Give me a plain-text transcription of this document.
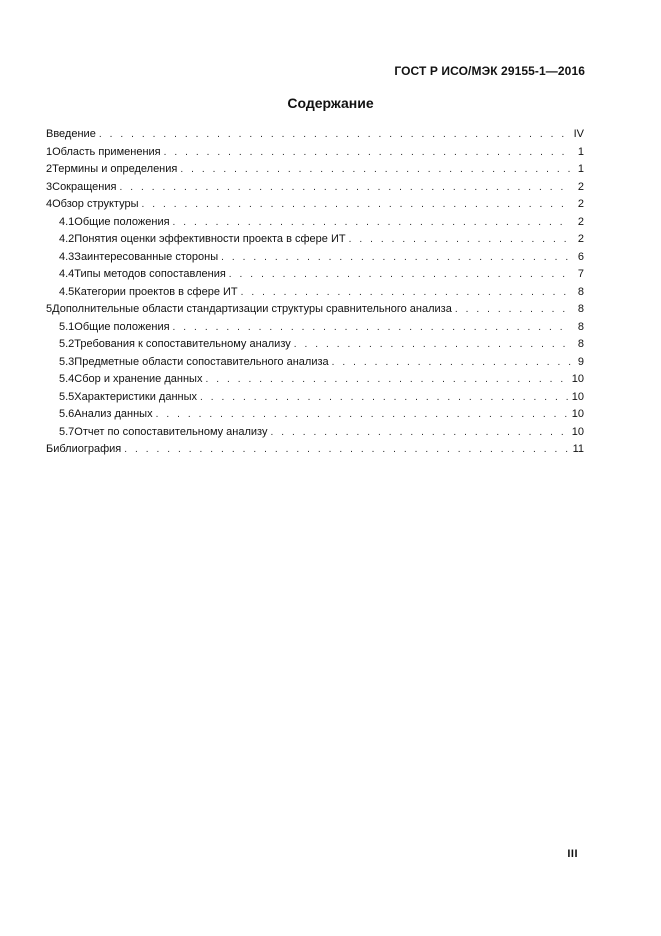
ГОСТ Р ИСО/МЭК 29155-1—2016
Содержание
Введение . . .	IV
1 Область применения . . .	1
2 Термины и определения . . .	1
3 Сокращения . . .	2
4 Обзор структуры . . .	2
4.1 Общие положения . . .	2
4.2 Понятия оценки эффективности проекта в сфере ИТ . . .	2
4.3 Заинтересованные стороны . . .	6
4.4 Типы методов сопоставления . . .	7
4.5 Категории проектов в сфере ИТ . . .	8
5 Дополнительные области стандартизации структуры сравнительного анализа . . .	8
5.1 Общие положения . . .	8
5.2 Требования к сопоставительному анализу . . .	8
5.3 Предметные области сопоставительного анализа . . .	9
5.4 Сбор и хранение данных . . .	10
5.5 Характеристики данных . . .	10
5.6 Анализ данных . . .	10
5.7 Отчет по сопоставительному анализу . . .	10
Библиография . . .	11
III
